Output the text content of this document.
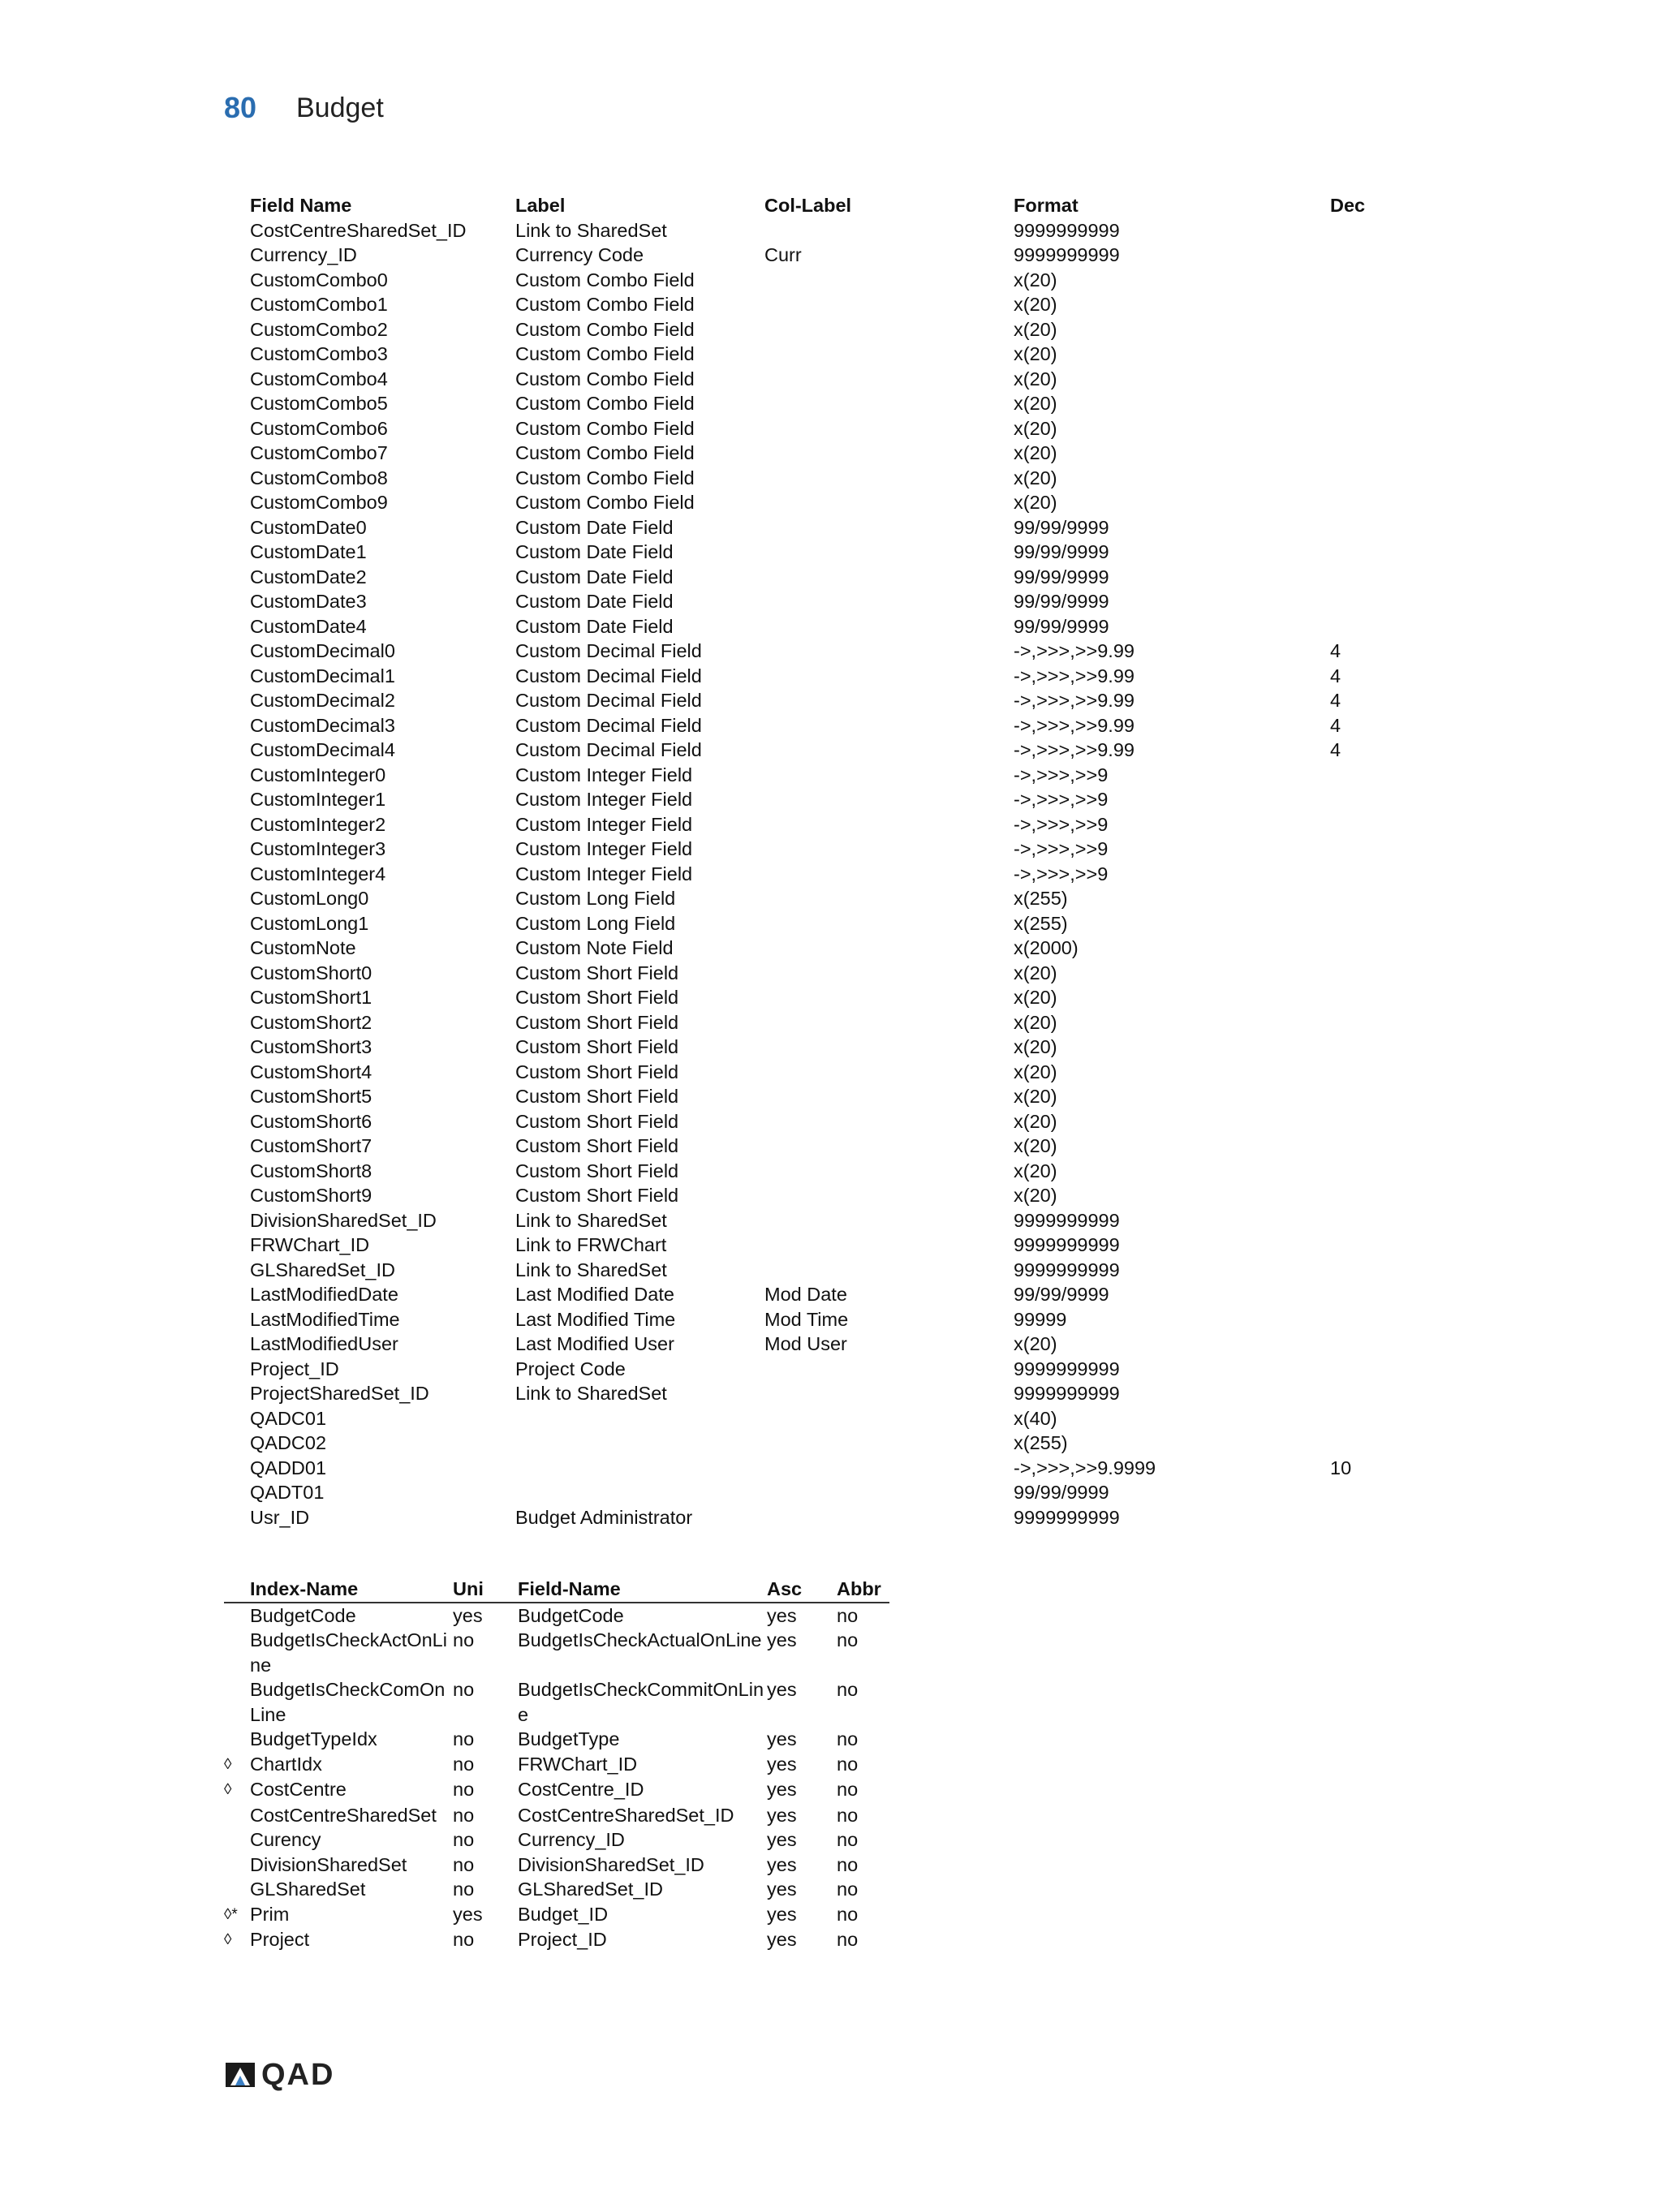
80 Budget
Field Name	Label	Col-Label	Format	Dec
CostCentreSharedSet_ID	Link to SharedSet		9999999999	
Currency_ID	Currency Code	Curr	9999999999	
CustomCombo0	Custom Combo Field		x(20)	
CustomCombo1	Custom Combo Field		x(20)	
CustomCombo2	Custom Combo Field		x(20)	
CustomCombo3	Custom Combo Field		x(20)	
CustomCombo4	Custom Combo Field		x(20)	
CustomCombo5	Custom Combo Field		x(20)	
CustomCombo6	Custom Combo Field		x(20)	
CustomCombo7	Custom Combo Field		x(20)	
CustomCombo8	Custom Combo Field		x(20)	
CustomCombo9	Custom Combo Field		x(20)	
CustomDate0	Custom Date Field		99/99/9999	
CustomDate1	Custom Date Field		99/99/9999	
CustomDate2	Custom Date Field		99/99/9999	
CustomDate3	Custom Date Field		99/99/9999	
CustomDate4	Custom Date Field		99/99/9999	
CustomDecimal0	Custom Decimal Field		->,>>>,>>9.99	4
CustomDecimal1	Custom Decimal Field		->,>>>,>>9.99	4
CustomDecimal2	Custom Decimal Field		->,>>>,>>9.99	4
CustomDecimal3	Custom Decimal Field		->,>>>,>>9.99	4
CustomDecimal4	Custom Decimal Field		->,>>>,>>9.99	4
CustomInteger0	Custom Integer Field		->,>>>,>>9	
CustomInteger1	Custom Integer Field		->,>>>,>>9	
CustomInteger2	Custom Integer Field		->,>>>,>>9	
CustomInteger3	Custom Integer Field		->,>>>,>>9	
CustomInteger4	Custom Integer Field		->,>>>,>>9	
CustomLong0	Custom Long Field		x(255)	
CustomLong1	Custom Long Field		x(255)	
CustomNote	Custom Note Field		x(2000)	
CustomShort0	Custom Short Field		x(20)	
CustomShort1	Custom Short Field		x(20)	
CustomShort2	Custom Short Field		x(20)	
CustomShort3	Custom Short Field		x(20)	
CustomShort4	Custom Short Field		x(20)	
CustomShort5	Custom Short Field		x(20)	
CustomShort6	Custom Short Field		x(20)	
CustomShort7	Custom Short Field		x(20)	
CustomShort8	Custom Short Field		x(20)	
CustomShort9	Custom Short Field		x(20)	
DivisionSharedSet_ID	Link to SharedSet		9999999999	
FRWChart_ID	Link to FRWChart		9999999999	
GLSharedSet_ID	Link to SharedSet		9999999999	
LastModifiedDate	Last Modified Date	Mod Date	99/99/9999	
LastModifiedTime	Last Modified Time	Mod Time	99999	
LastModifiedUser	Last Modified User	Mod User	x(20)	
Project_ID	Project Code		9999999999	
ProjectSharedSet_ID	Link to SharedSet		9999999999	
QADC01			x(40)	
QADC02			x(255)	
QADD01			->,>>>,>>9.9999	10
QADT01			99/99/9999	
Usr_ID	Budget Administrator		9999999999	
	Index-Name	Uni	Field-Name	Asc	Abbr
	BudgetCode	yes	BudgetCode	yes	no
	BudgetIsCheckActOnLine	no	BudgetIsCheckActualOnLine	yes	no
	BudgetIsCheckComOnLine	no	BudgetIsCheckCommitOnLine	yes	no
	BudgetTypeIdx	no	BudgetType	yes	no
◊	ChartIdx	no	FRWChart_ID	yes	no
◊	CostCentre	no	CostCentre_ID	yes	no
	CostCentreSharedSet	no	CostCentreSharedSet_ID	yes	no
	Curency	no	Currency_ID	yes	no
	DivisionSharedSet	no	DivisionSharedSet_ID	yes	no
	GLSharedSet	no	GLSharedSet_ID	yes	no
◊*	Prim	yes	Budget_ID	yes	no
◊	Project	no	Project_ID	yes	no
QAD
